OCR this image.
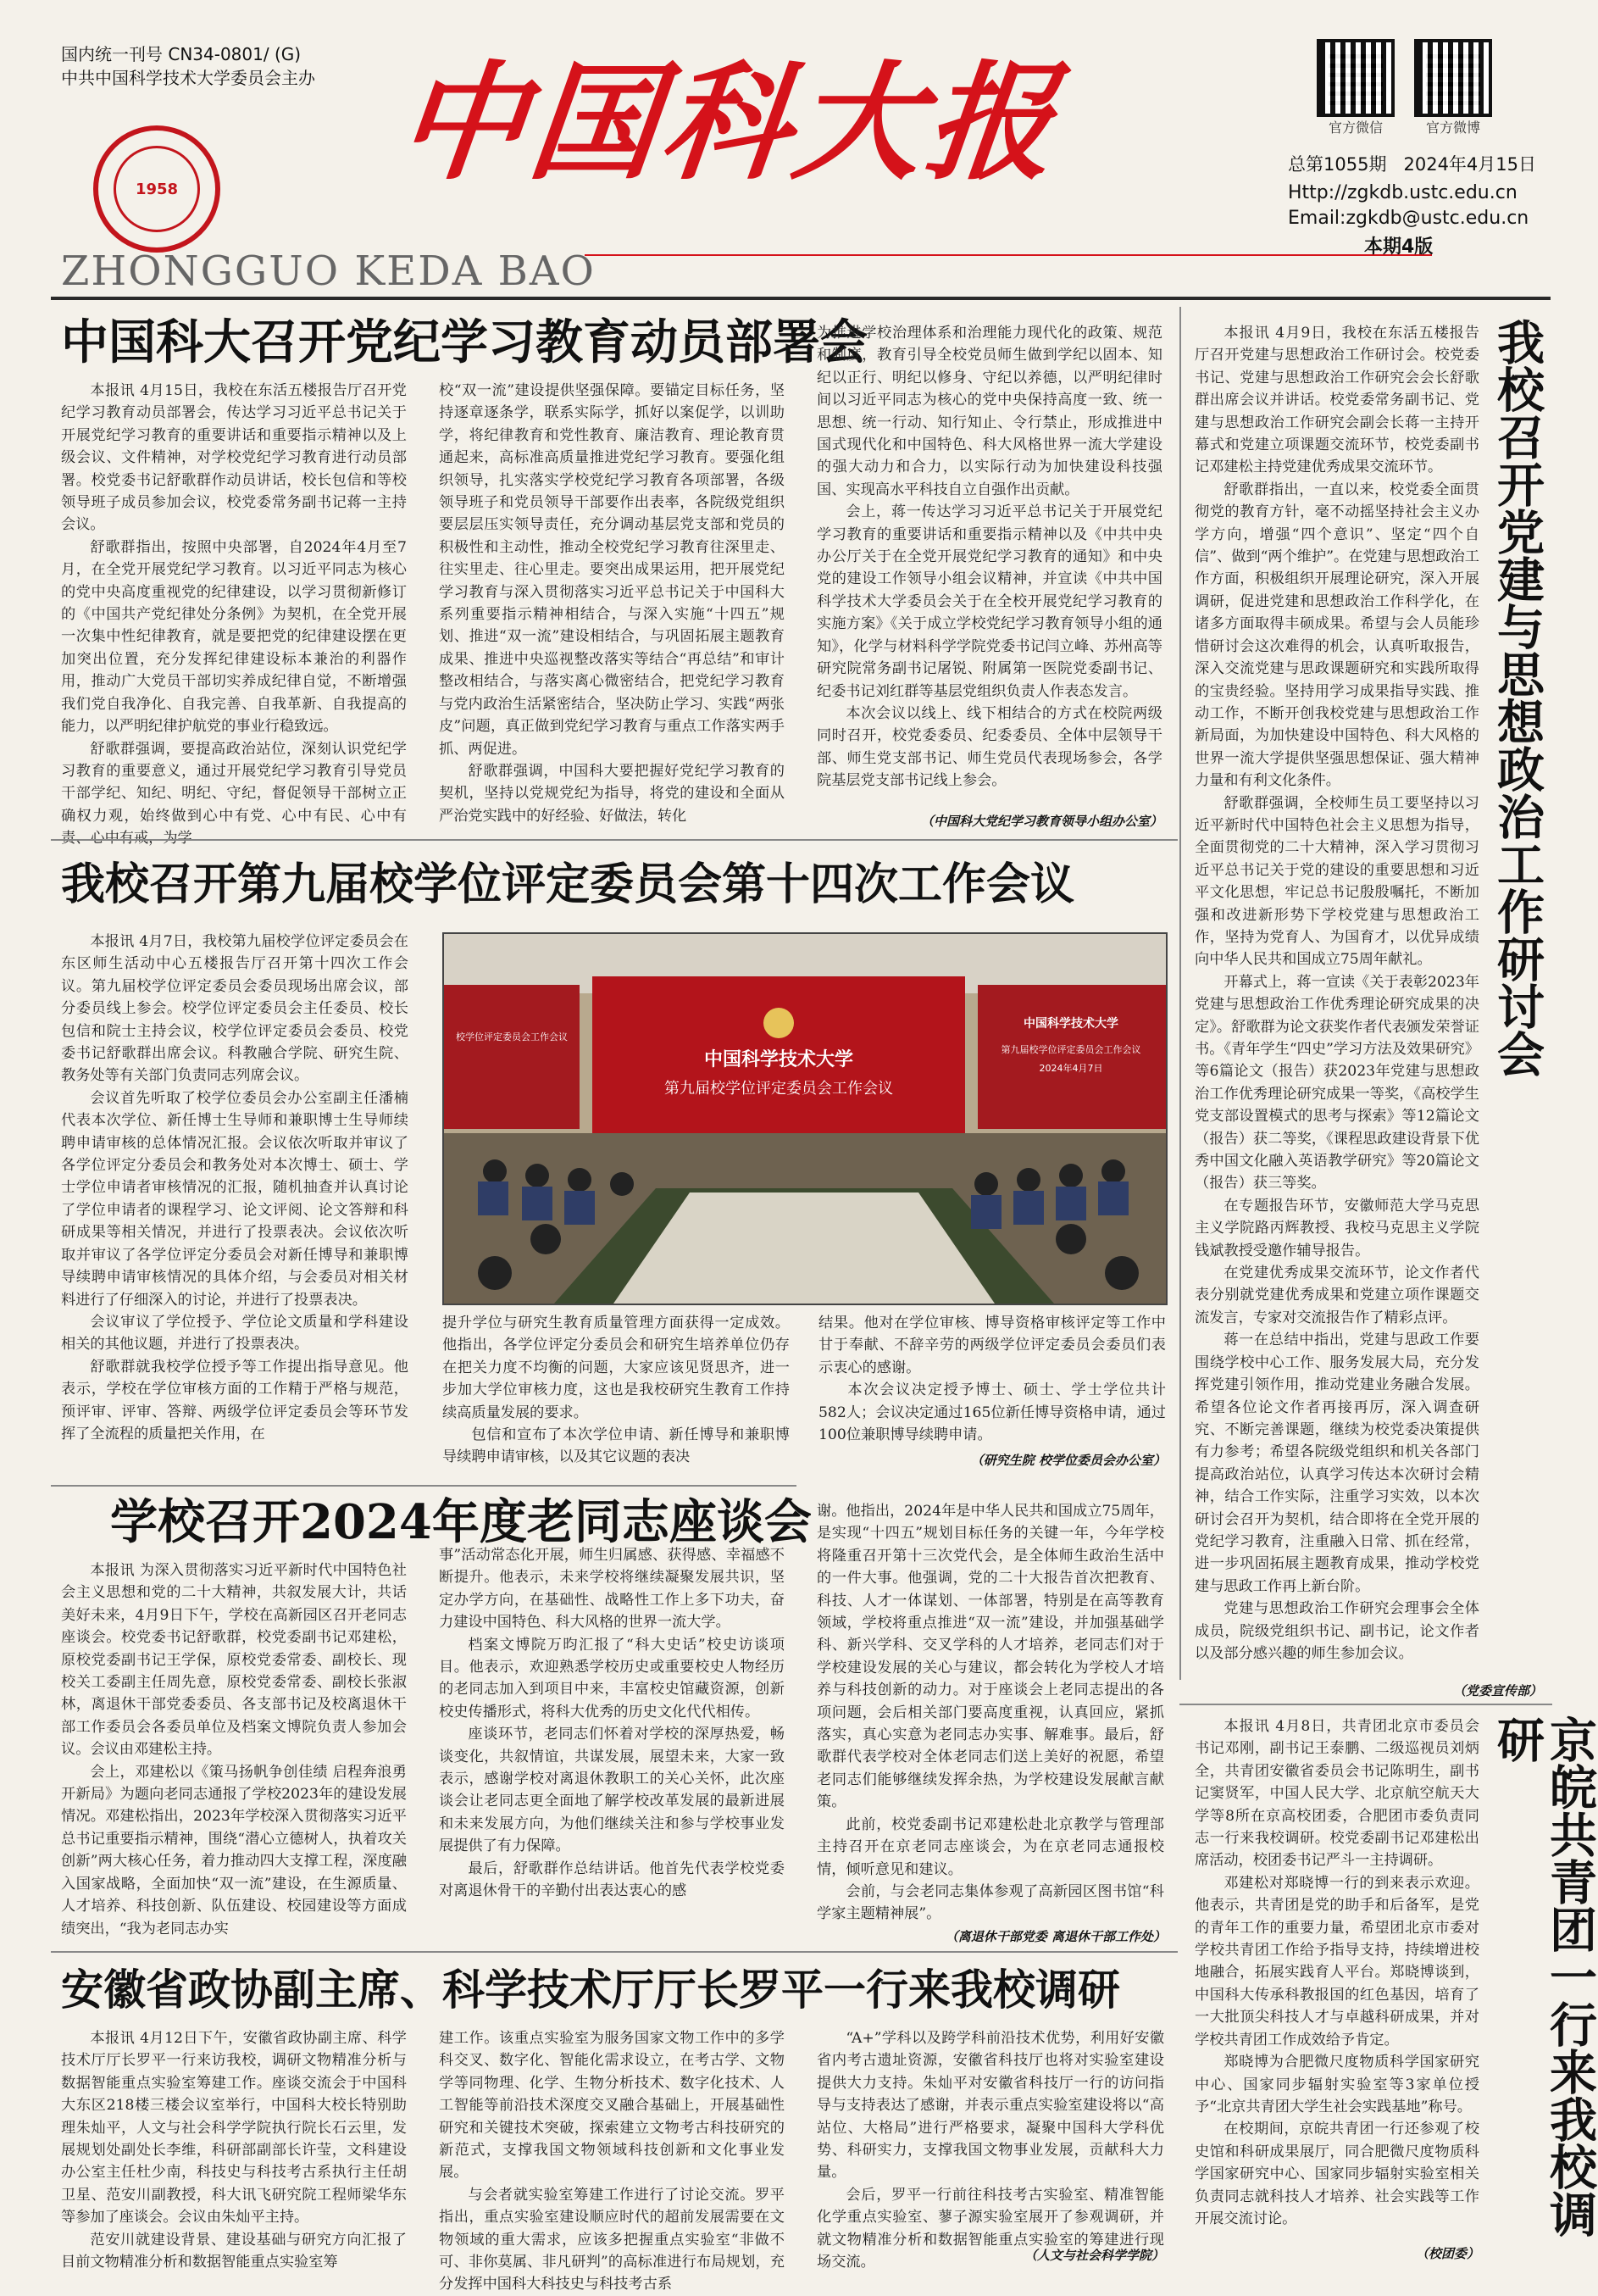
国内统一刊号 CN34-0801/ (G)
中共中国科学技术大学委员会主办
1958 中国科大报
ZHONGGUO KEDA BAO
官方微信	官方微博
总第1055期 2024年4月15日
Http://zgkdb.ustc.edu.cn
Email:zgkdb@ustc.edu.cn
本期4版
中国科大召开党纪学习教育动员部署会

本报讯 4月15日，我校在东活五楼报告厅召开党纪学习教育动员部署会，传达学习习近平总书记关于开展党纪学习教育的重要讲话和重要指示精神以及上级会议、文件精神，对学校党纪学习教育进行动员部署。校党委书记舒歌群作动员讲话，校长包信和等校领导班子成员参加会议，校党委常务副书记蒋一主持会议。

舒歌群指出，按照中央部署，自2024年4月至7月，在全党开展党纪学习教育。以习近平同志为核心的党中央高度重视党的纪律建设，以学习贯彻新修订的《中国共产党纪律处分条例》为契机，在全党开展一次集中性纪律教育，就是要把党的纪律建设摆在更加突出位置，充分发挥纪律建设标本兼治的利器作用，推动广大党员干部切实养成纪律自觉，不断增强我们党自我净化、自我完善、自我革新、自我提高的能力，以严明纪律护航党的事业行稳致远。

舒歌群强调，要提高政治站位，深刻认识党纪学习教育的重要意义，通过开展党纪学习教育引导党员干部学纪、知纪、明纪、守纪，督促领导干部树立正确权力观，始终做到心中有党、心中有民、心中有

校“双一流”建设提供坚强保障。要锚定目标任务，坚持逐章逐条学，联系实际学，抓好以案促学，以训助学，将纪律教育和党性教育、廉洁教育、理论教育贯通起来，高标准高质量推进党纪学习教育。要强化组织领导，扎实落实学校党纪学习教育各项部署，各级领导班子和党员领导干部要作出表率，各院级党组织要层层压实领导责任，充分调动基层党支部和党员的积极性和主动性，推动全校党纪学习教育往深里走、往实里走、往心里走。要突出成果运用，把开展党纪学习教育与深入贯彻落实习近平总书记关于中国科大系列重要指示精神相结合，与深入实施“十四五”规划、推进“双一流”建设相结合，与巩固拓展主题教育成果、推进中央巡视整改落实等结合“再总结”和审计整改相结合，与落实离心微密结合，把党纪学习教育与党内政治生活紧密结合，坚决防止学习、实践“两张皮”问题，真正做到党纪学习教育与重点工作落实两手抓、两促进。

舒歌群强调，中国科大要把握好党纪学习教育的契机，坚持以党规党纪为指导，将党的建设和全面从严治党实践中的好经验、好做法，转化

为推进学校治理体系和治理能力现代化的政策、规范和制度，教育引导全校党员师生做到学纪以固本、知纪以正行、明纪以修身、守纪以养德，以严明纪律时间以习近平同志为核心的党中央保持高度一致、统一思想、统一行动、知行知止、令行禁止，形成推进中国式现代化和中国特色、科大风格世界一流大学建设的强大动力和合力，以实际行动为加快建设科技强国、实现高水平科技自立自强作出贡献。

会上，蒋一传达学习习近平总书记关于开展党纪学习教育的重要讲话和重要指示精神以及《中共中央办公厅关于在全党开展党纪学习教育的通知》和中央党的建设工作领导小组会议精神，并宣读《中共中国科学技术大学委员会关于在全校开展党纪学习教育的实施方案》《关于成立学校党纪学习教育领导小组的通知》，化学与材料科学学院党委书记闫立峰、苏州高等研究院常务副书记屠锐、附属第一医院党委副书记、纪委书记刘红群等基层党组织负责人作表态发言。

本次会议以线上、线下相结合的方式在校院两级同时召开，校党委委员、纪委委员、全体中层领导干部、师生党支部书记、师生党员代表现场参会，各学院基层党支部书记线上参会。

（中国科大党纪学习教育领导小组办公室）	我校召开党建与思想政治工作研讨会

本报讯 4月9日，我校在东活五楼报告厅召开党建与思想政治工作研讨会。校党委书记、党建与思想政治工作研究会会长舒歌群出席会议并讲话。校党委常务副书记、党建与思想政治工作研究会副会长蒋一主持开幕式和党建立项课题交流环节，校党委副书记邓建松主持党建优秀成果交流环节。

舒歌群指出，一直以来，校党委全面贯彻党的教育方针，毫不动摇坚持社会主义办学方向，增强“四个意识”、坚定“四个自信”、做到“两个维护”。在党建与思想政治工作方面，积极组织开展理论研究，深入开展调研，促进党建和思想政治工作科学化，在诸多方面取得丰硕成果。希望与会人员能珍惜研讨会这次难得的机会，认真听取报告，深入交流党建与思政课题研究和实践所取得的宝贵经验。坚持用学习成果指导实践、推动工作，不断开创我校党建与思想政治工作新局面，为加快建设中国特色、科大风格的世界一流大学提供坚强思想保证、强大精神力量和有利文化条件。

舒歌群强调，全校师生员工要坚持以习近平新时代中国特色社会主义思想为指导，全面贯彻党的二十大精神，深入学习贯彻习近平总书记关于党的建设的重要思想和习近平文化思想，牢记总书记殷殷嘱托，不断加强和改进新形势下学校党建与思想政治工作，坚持为党育人、为国育才，以优异成绩向中华人民共和国成立75周年献礼。

开幕式上，蒋一宣读《关于表彰2023年党建与思想政治工作优秀理论研究成果的决定》。舒歌群为论文获奖作者代表颁发荣誉证书。《青年学生“四史”学习方法及效果研究》等6篇论文（报告）获2023年党建与思想政治工作优秀理论研究成果一等奖，《高校学生党支部设置模式的思考与探索》等12篇论文（报告）获二等奖，《课程思政建设背景下优秀中国文化融入英语教学研究》等20篇论文（报告）获三等奖。

在专题报告环节，安徽师范大学马克思主义学院路丙辉教授、我校马克思主义学院钱斌教授受邀作辅导报告。

在党建优秀成果交流环节，论文作者代表分别就党建优秀成果和党建立项作课题交流发言，专家对交流报告作了精彩点评。

蒋一在总结中指出，党建与思政工作要围绕学校中心工作、服务发展大局，充分发挥党建引领作用，推动党建业务融合发展。希望各位论文作者再接再厉，深入调查研究、不断完善课题，继续为校党委决策提供有力参考；希望各院级党组织和机关各部门提高政治站位，认真学习传达本次研讨会精神，结合工作实际，注重学习实效，以本次研讨会召开为契机，结合即将在全党开展的党纪学习教育，注重融入日常、抓在经常，进一步巩固拓展主题教育成果，推动学校党建与思政工作再上新台阶。

党建与思想政治工作研究会理事会全体成员，院级党组织书记、副书记，论文作者以及部分感兴趣的师生参加会议。

（党委宣传部）
我校召开第九届校学位评定委员会第十四次工作会议

本报讯 4月7日，我校第九届校学位评定委员会在东区师生活动中心五楼报告厅召开第十四次工作会议。第九届校学位评定委员会委员现场出席会议，部分委员线上参会。校学位评定委员会主任委员、校长包信和院士主持会议，校学位评定委员会委员、校党委书记舒歌群出席会议。科教融合学院、研究生院、教务处等有关部门负责同志列席会议。

会议首先听取了校学位委员会办公室副主任潘楠代表本次学位、新任博士生导师和兼职博士生导师续聘申请审核的总体情况汇报。会议依次听取并审议了各学位评定分委员会和教务处对本次博士、硕士、学士学位申请者审核情况的汇报，随机抽查并认真讨论了学位申请者的课程学习、论文评阅、论文答辩和科研成果等相关情况，并进行了投票表决。会议依次听取并审议了各学位评定分委员会对新任博导和兼职博导续聘申请审核情况的具体介绍，与会委员对相关材料进行了仔细深入的讨论，并进行了投票表决。

会议审议了学位授予、学位论文质量和学科建设相关的其他议题，并进行了投票表决。

舒歌群就我校学位授予等工作提出指导意见。他表示，学校在学位审核方面的工作精于严格与规范，预评审、评审、答辩、两级学位评定委员会等环节发挥了全流程的质量把关作用，在

中国科学技术大学
第九届校学位评定委员会工作会议
中国科学技术大学
第九届校学位评定委员会工作会议
2024年4月7日
校学位评定委员会工作会议

提升学位与研究生教育质量管理方面获得一定成效。他指出，各学位评定分委员会和研究生培养单位仍存在把关力度不均衡的问题，大家应该见贤思齐，进一步加大学位审核力度，这也是我校研究生教育工作持续高质量发展的要求。

包信和宣布了本次学位申请、新任博导和兼职博导续聘申请审核，以及其它议题的表决

结果。他对在学位审核、博导资格审核评定等工作中甘于奉献、不辞辛劳的两级学位评定委员会委员们表示衷心的感谢。

本次会议决定授予博士、硕士、学士学位共计582人；会议决定通过165位新任博导资格申请，通过100位兼职博导续聘申请。

（研究生院 校学位委员会办公室）
学校召开2024年度老同志座谈会

本报讯 为深入贯彻落实习近平新时代中国特色社会主义思想和党的二十大精神，共叙发展大计，共话美好未来，4月9日下午，学校在高新园区召开老同志座谈会。校党委书记舒歌群，校党委副书记邓建松，原校党委副书记王学保，原校党委常委、副校长、现校关工委副主任周先意，原校党委常委、副校长张淑林，离退休干部党委委员、各支部书记及校离退休干部工作委员会各委员单位及档案文博院负责人参加会议。会议由邓建松主持。

会上，邓建松以《策马扬帆争创佳绩 启程奔浪勇开新局》为题向老同志通报了学校2023年的建设发展情况。邓建松指出，2023年学校深入贯彻落实习近平总书记重要指示精神，围绕“潜心立德树人，执着攻关创新”两大核心任务，着力推动四大支撑工程，深度融入国家战略，全面加快“双一流”建设，在生源质量、人才培养、科技创新、队伍建设、校园建设等方面成绩突出，“我为老同志办实

事”活动常态化开展，师生归属感、获得感、幸福感不断提升。他表示，未来学校将继续凝聚发展共识，坚定办学方向，在基础性、战略性工作上多下功夫，奋力建设中国特色、科大风格的世界一流大学。

档案文博院万昀汇报了“科大史话”校史访谈项目。他表示，欢迎熟悉学校历史或重要校史人物经历的老同志加入到项目中来，丰富校史馆藏资源，创新校史传播形式，将科大优秀的历史文化代代相传。

座谈环节，老同志们怀着对学校的深厚热爱，畅谈变化，共叙情谊，共谋发展，展望未来，大家一致表示，感谢学校对离退休教职工的关心关怀，此次座谈会让老同志更全面地了解学校改革发展的最新进展和未来发展方向，为他们继续关注和参与学校事业发展提供了有力保障。

最后，舒歌群作总结讲话。他首先代表学校党委对离退休骨干的辛勤付出表达衷心的感

谢。他指出，2024年是中华人民共和国成立75周年，是实现“十四五”规划目标任务的关键一年，今年学校将隆重召开第十三次党代会，是全体师生政治生活中的一件大事。他强调，党的二十大报告首次把教育、科技、人才一体谋划、一体部署，特别是在高等教育领域，学校将重点推进“双一流”建设，并加强基础学科、新兴学科、交叉学科的人才培养，老同志们对于学校建设发展的关心与建议，都会转化为学校人才培养与科技创新的动力。对于座谈会上老同志提出的各项问题，会后相关部门要高度重视，认真回应，紧抓落实，真心实意为老同志办实事、解难事。最后，舒歌群代表学校对全体老同志们送上美好的祝愿，希望老同志们能够继续发挥余热，为学校建设发展献言献策。

此前，校党委副书记邓建松赴北京教学与管理部主持召开在京老同志座谈会，为在京老同志通报校情，倾听意见和建议。

会前，与会老同志集体参观了高新园区图书馆“科学家主题精神展”。

（离退休干部党委 离退休干部工作处）	京皖共青团一行来我校调研

本报讯 4月8日，共青团北京市委员会书记邓刚，副书记王泰鹏、二级巡视员刘炳全，共青团安徽省委员会书记陈明生，副书记窦贤军，中国人民大学、北京航空航天大学等8所在京高校团委，合肥团市委负责同志一行来我校调研。校党委副书记邓建松出席活动，校团委书记严斗一主持调研。

邓建松对郑晓博一行的到来表示欢迎。他表示，共青团是党的助手和后备军，是党的青年工作的重要力量，希望团北京市委对学校共青团工作给予指导支持，持续增进校地融合，拓展实践育人平台。郑晓博谈到，中国科大传承科教报国的红色基因，培育了一大批顶尖科技人才与卓越科研成果，并对学校共青团工作成效给予肯定。

郑晓博为合肥微尺度物质科学国家研究中心、国家同步辐射实验室等3家单位授予“北京共青团大学生社会实践基地”称号。

在校期间，京皖共青团一行还参观了校史馆和科研成果展厅，同合肥微尺度物质科学国家研究中心、国家同步辐射实验室相关负责同志就科技人才培养、社会实践等工作开展交流讨论。

（校团委）
安徽省政协副主席、科学技术厅厅长罗平一行来我校调研

本报讯 4月12日下午，安徽省政协副主席、科学技术厅厅长罗平一行来访我校，调研文物精准分析与数据智能重点实验室筹建工作。座谈交流会于中国科大东区218楼三楼会议室举行，中国科大校长特别助理朱灿平，人文与社会科学学院执行院长石云里，发展规划处副处长李维，科研部副部长许莹，文科建设办公室主任杜少南，科技史与科技考古系执行主任胡卫星、范安川副教授，科大讯飞研究院工程师梁华东等参加了座谈会。会议由朱灿平主持。

范安川就建设背景、建设基础与研究方向汇报了目前文物精准分析和数据智能重点实验室筹

建工作。该重点实验室为服务国家文物工作中的多学科交叉、数字化、智能化需求设立，在考古学、文物学等同物理、化学、生物分析技术、数字化技术、人工智能等前沿技术深度交叉融合基础上，开展基础性研究和关键技术突破，探索建立文物考古科技研究的新范式，支撑我国文物领域科技创新和文化事业发展。

与会者就实验室筹建工作进行了讨论交流。罗平指出，重点实验室建设顺应时代的超前发展需要在文物领域的重大需求，应该多把握重点实验室“非做不可、非你莫属、非凡研判”的高标准进行布局规划，充分发挥中国科大科技史与科技考古系

“A+”学科以及跨学科前沿技术优势，利用好安徽省内考古遗址资源，安徽省科技厅也将对实验室建设提供大力支持。朱灿平对安徽省科技厅一行的访问指导与支持表达了感谢，并表示重点实验室建设将以“高站位、大格局”进行严格要求，凝聚中国科大学科优势、科研实力，支撑我国文物事业发展，贡献科大力量。

会后，罗平一行前往科技考古实验室、精准智能化学重点实验室、蓼子源实验室展开了参观调研，并就文物精准分析和数据智能重点实验室的筹建进行现场交流。	（人文与社会科学学院）
